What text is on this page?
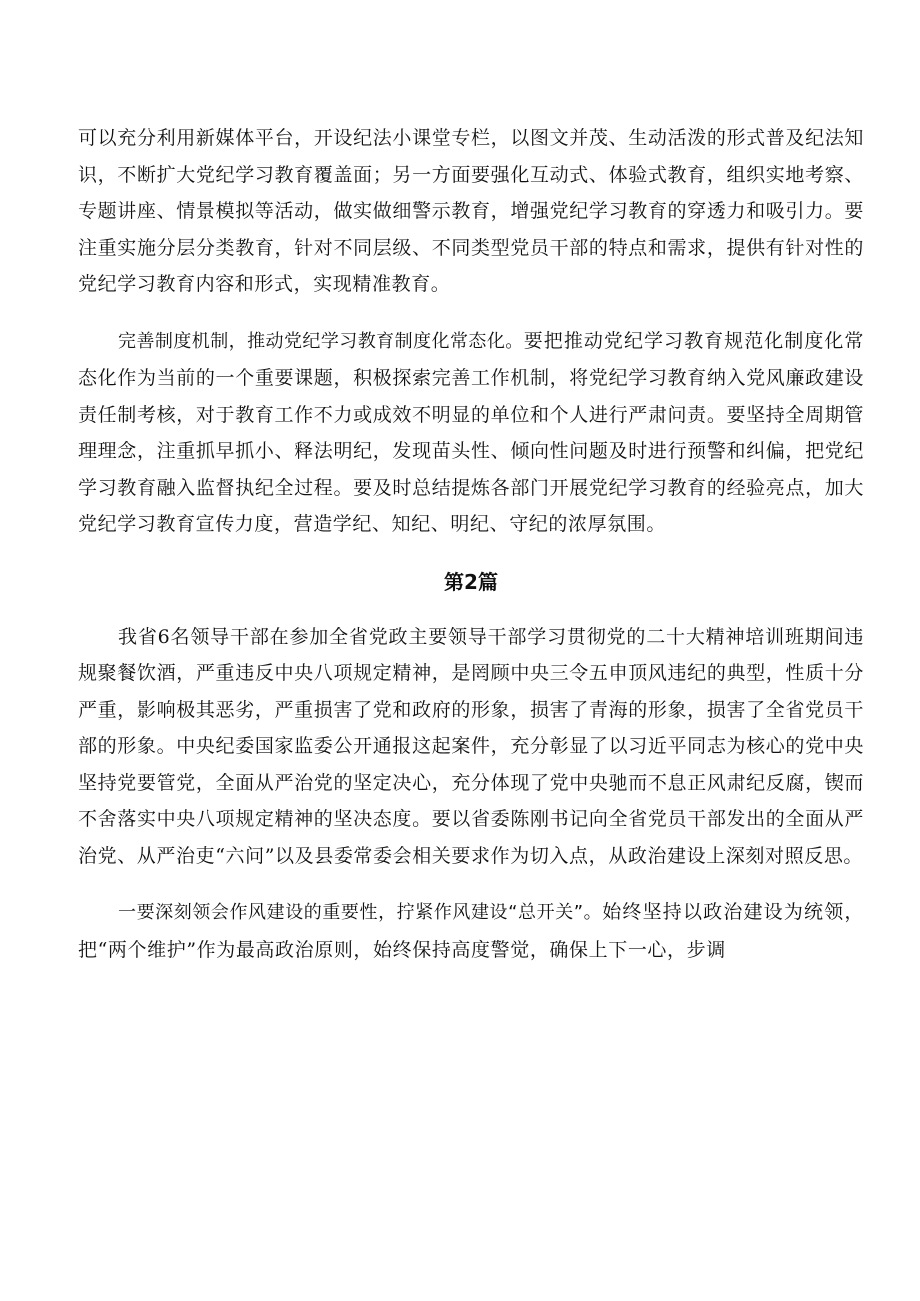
可以充分利用新媒体平台，开设纪法小课堂专栏，以图文并茂、生动活泼的形式普及纪法知识，不断扩大党纪学习教育覆盖面；另一方面要强化互动式、体验式教育，组织实地考察、专题讲座、情景模拟等活动，做实做细警示教育，增强党纪学习教育的穿透力和吸引力。要注重实施分层分类教育，针对不同层级、不同类型党员干部的特点和需求，提供有针对性的党纪学习教育内容和形式，实现精准教育。

完善制度机制，推动党纪学习教育制度化常态化。要把推动党纪学习教育规范化制度化常态化作为当前的一个重要课题，积极探索完善工作机制，将党纪学习教育纳入党风廉政建设责任制考核，对于教育工作不力或成效不明显的单位和个人进行严肃问责。要坚持全周期管理理念，注重抓早抓小、释法明纪，发现苗头性、倾向性问题及时进行预警和纠偏，把党纪学习教育融入监督执纪全过程。要及时总结提炼各部门开展党纪学习教育的经验亮点，加大党纪学习教育宣传力度，营造学纪、知纪、明纪、守纪的浓厚氛围。

第2篇

我省6名领导干部在参加全省党政主要领导干部学习贯彻党的二十大精神培训班期间违规聚餐饮酒，严重违反中央八项规定精神，是罔顾中央三令五申顶风违纪的典型，性质十分严重，影响极其恶劣，严重损害了党和政府的形象，损害了青海的形象，损害了全省党员干部的形象。中央纪委国家监委公开通报这起案件，充分彰显了以习近平同志为核心的党中央坚持党要管党，全面从严治党的坚定决心，充分体现了党中央驰而不息正风肃纪反腐，锲而不舍落实中央八项规定精神的坚决态度。要以省委陈刚书记向全省党员干部发出的全面从严治党、从严治吏“六问”以及县委常委会相关要求作为切入点，从政治建设上深刻对照反思。

一要深刻领会作风建设的重要性，拧紧作风建设“总开关”。始终坚持以政治建设为统领，把“两个维护”作为最高政治原则，始终保持高度警觉，确保上下一心，步调
